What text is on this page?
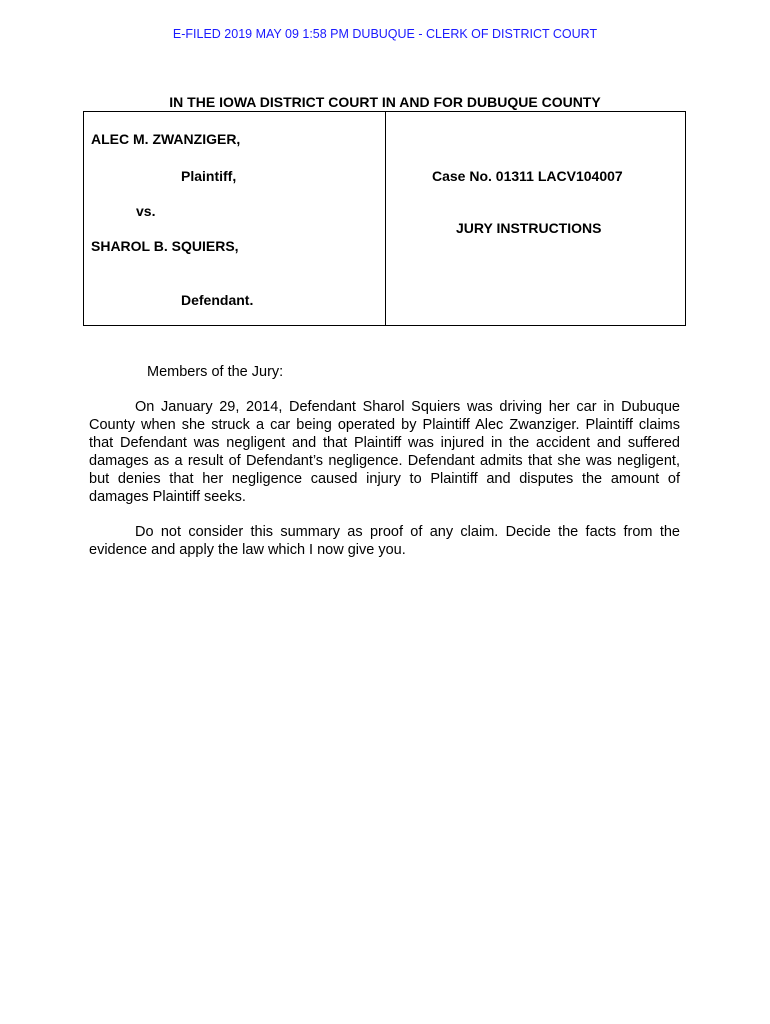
E-FILED 2019 MAY 09 1:58 PM DUBUQUE - CLERK OF DISTRICT COURT
IN THE IOWA DISTRICT COURT IN AND FOR DUBUQUE COUNTY
ALEC M. ZWANZIGER,
Plaintiff,
vs.
SHAROL B. SQUIERS,
Defendant.
Case No. 01311 LACV104007
JURY INSTRUCTIONS
Members of the Jury:
On January 29, 2014, Defendant Sharol Squiers was driving her car in Dubuque County when she struck a car being operated by Plaintiff Alec Zwanziger. Plaintiff claims that Defendant was negligent and that Plaintiff was injured in the accident and suffered damages as a result of Defendant’s negligence. Defendant admits that she was negligent, but denies that her negligence caused injury to Plaintiff and disputes the amount of damages Plaintiff seeks.
Do not consider this summary as proof of any claim. Decide the facts from the evidence and apply the law which I now give you.
